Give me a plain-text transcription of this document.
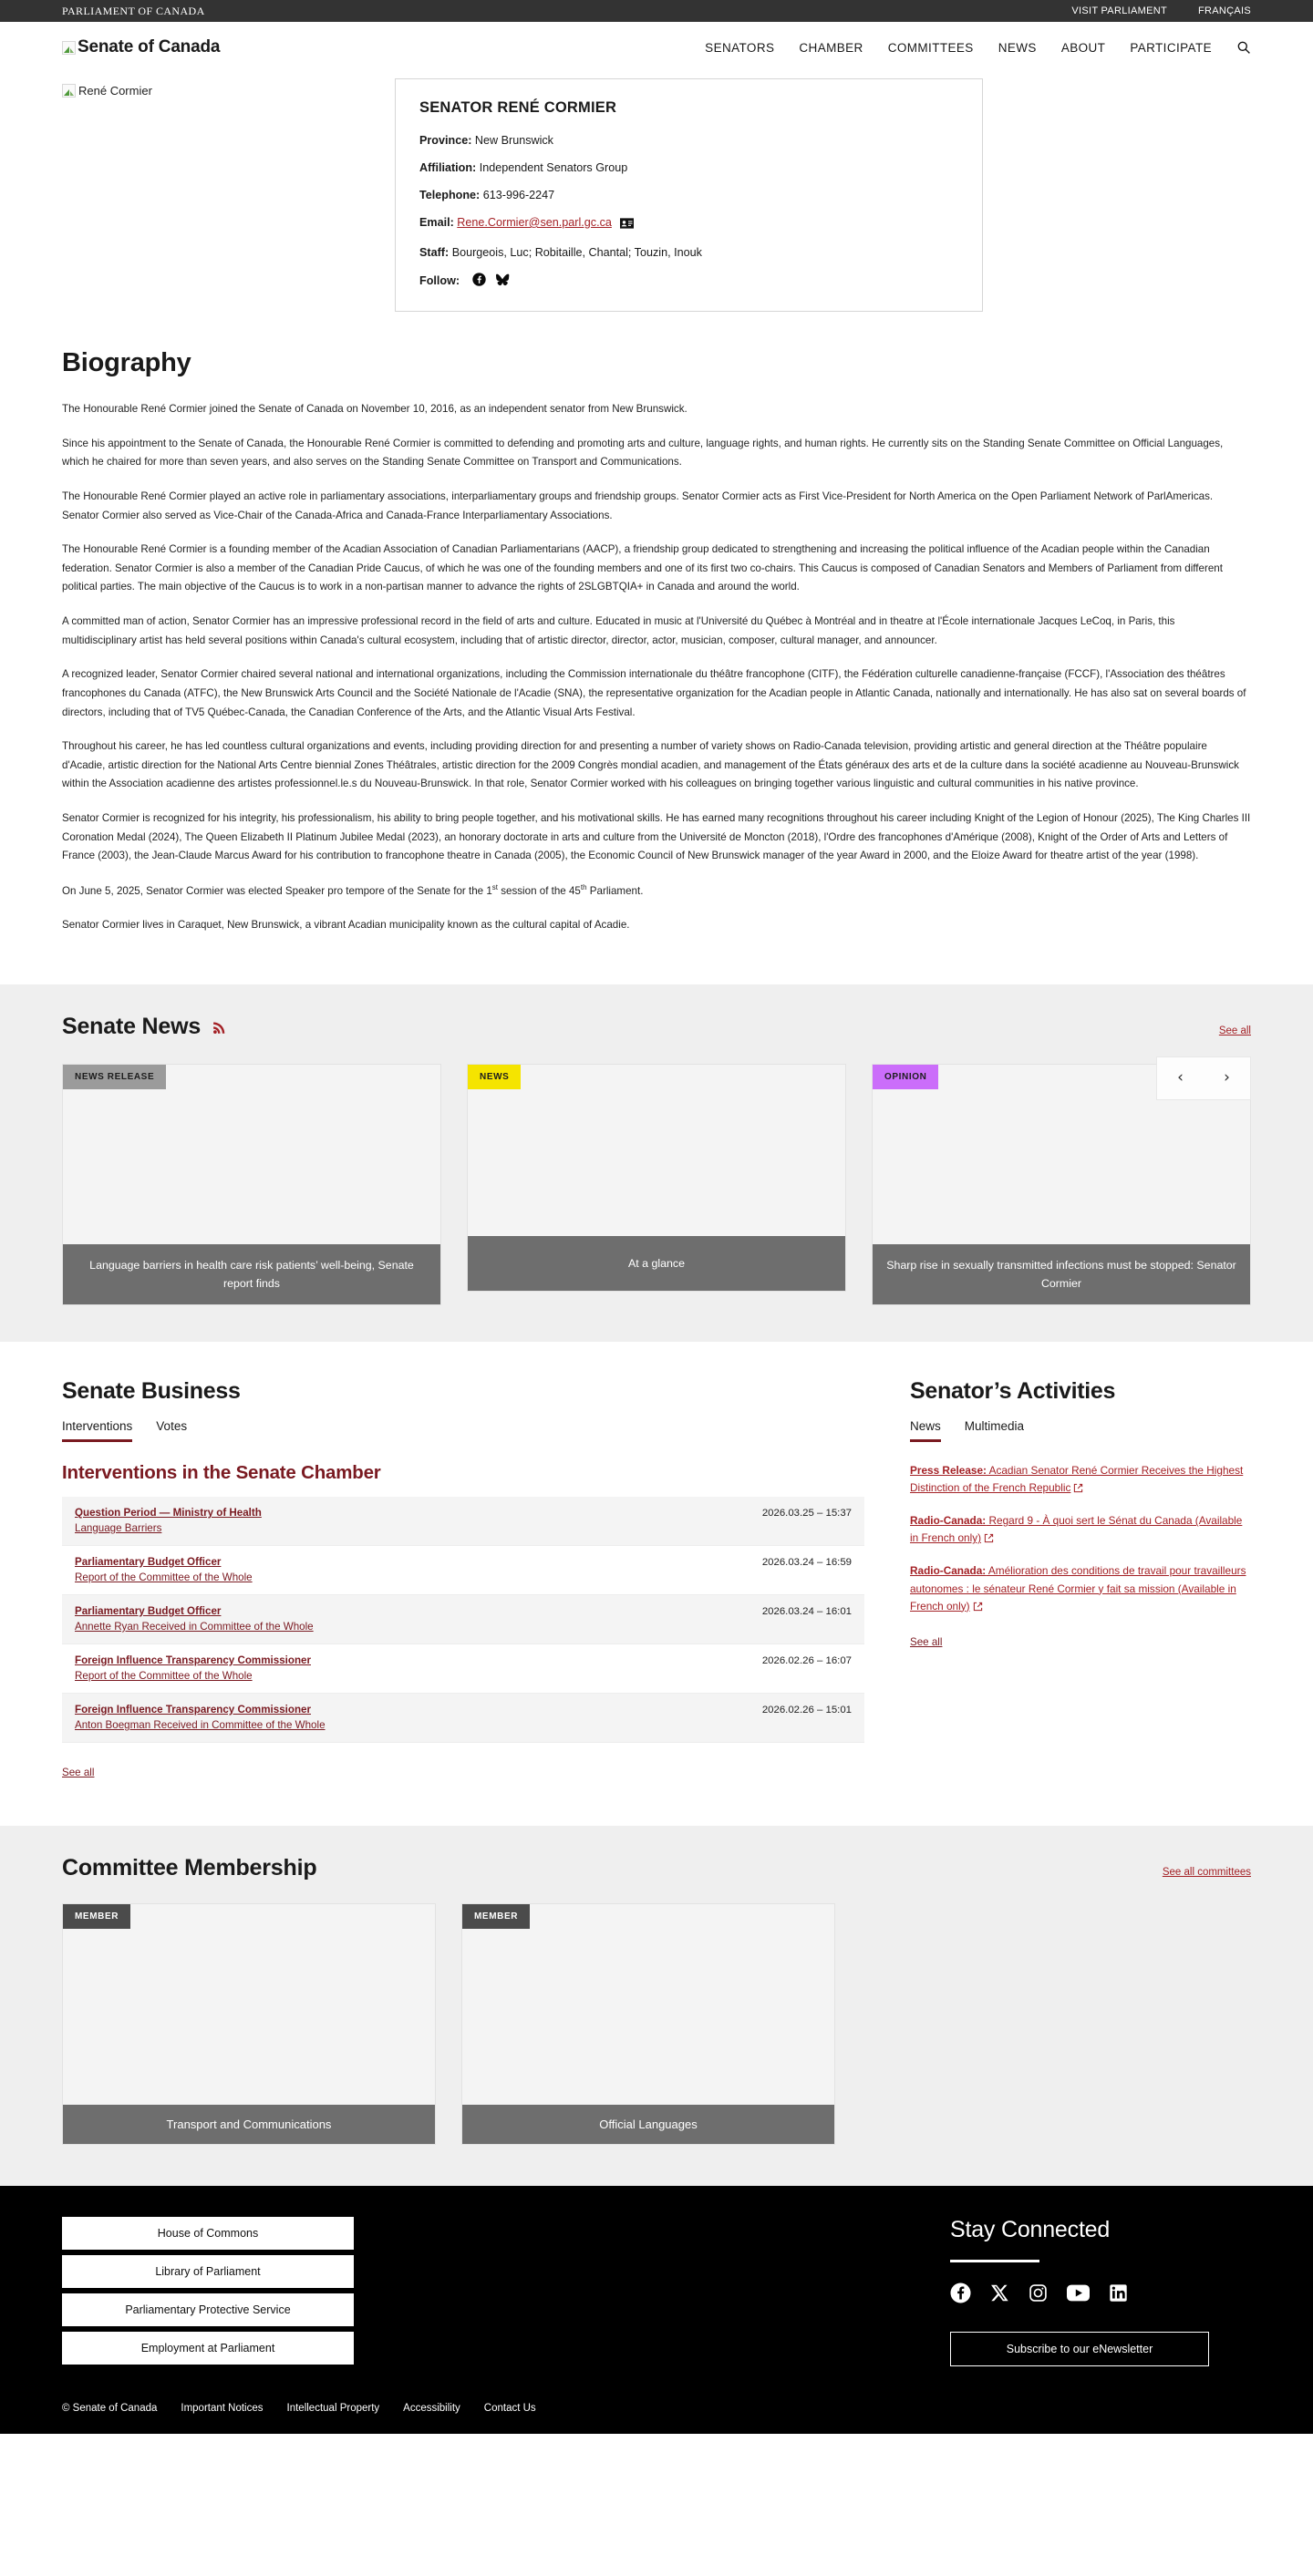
PARLIAMENT OF CANADA	VISIT PARLIAMENT	FRANÇAIS
Senate of Canada	SENATORS CHAMBER COMMITTEES NEWS ABOUT PARTICIPATE
René Cormier
SENATOR RENÉ CORMIER
Province: New Brunswick
Affiliation: Independent Senators Group
Telephone: 613-996-2247
Email: Rene.Cormier@sen.parl.gc.ca
Staff: Bourgeois, Luc; Robitaille, Chantal; Touzin, Inouk
Follow:
Biography

The Honourable René Cormier joined the Senate of Canada on November 10, 2016, as an independent senator from New Brunswick.

Since his appointment to the Senate of Canada, the Honourable René Cormier is committed to defending and promoting arts and culture, language rights, and human rights. He currently sits on the Standing Senate Committee on Official Languages, which he chaired for more than seven years, and also serves on the Standing Senate Committee on Transport and Communications.

The Honourable René Cormier played an active role in parliamentary associations, interparliamentary groups and friendship groups. Senator Cormier acts as First Vice-President for North America on the Open Parliament Network of ParlAmericas. Senator Cormier also served as Vice-Chair of the Canada-Africa and Canada-France Interparliamentary Associations.

The Honourable René Cormier is a founding member of the Acadian Association of Canadian Parliamentarians (AACP), a friendship group dedicated to strengthening and increasing the political influence of the Acadian people within the Canadian federation. Senator Cormier is also a member of the Canadian Pride Caucus, of which he was one of the founding members and one of its first two co-chairs. This Caucus is composed of Canadian Senators and Members of Parliament from different political parties. The main objective of the Caucus is to work in a non-partisan manner to advance the rights of 2SLGBTQIA+ in Canada and around the world.

A committed man of action, Senator Cormier has an impressive professional record in the field of arts and culture. Educated in music at l'Université du Québec à Montréal and in theatre at l'École internationale Jacques LeCoq, in Paris, this multidisciplinary artist has held several positions within Canada's cultural ecosystem, including that of artistic director, director, actor, musician, composer, cultural manager, and announcer.

A recognized leader, Senator Cormier chaired several national and international organizations, including the Commission internationale du théâtre francophone (CITF), the Fédération culturelle canadienne-française (FCCF), l'Association des théâtres francophones du Canada (ATFC), the New Brunswick Arts Council and the Société Nationale de l'Acadie (SNA), the representative organization for the Acadian people in Atlantic Canada, nationally and internationally. He has also sat on several boards of directors, including that of TV5 Québec-Canada, the Canadian Conference of the Arts, and the Atlantic Visual Arts Festival.

Throughout his career, he has led countless cultural organizations and events, including providing direction for and presenting a number of variety shows on Radio-Canada television, providing artistic and general direction at the Théâtre populaire d'Acadie, artistic direction for the National Arts Centre biennial Zones Théâtrales, artistic direction for the 2009 Congrès mondial acadien, and management of the États généraux des arts et de la culture dans la société acadienne au Nouveau-Brunswick within the Association acadienne des artistes professionnel.le.s du Nouveau-Brunswick. In that role, Senator Cormier worked with his colleagues on bringing together various linguistic and cultural communities in his native province.

Senator Cormier is recognized for his integrity, his professionalism, his ability to bring people together, and his motivational skills. He has earned many recognitions throughout his career including Knight of the Legion of Honour (2025), The King Charles III Coronation Medal (2024), The Queen Elizabeth II Platinum Jubilee Medal (2023), an honorary doctorate in arts and culture from the Université de Moncton (2018), l'Ordre des francophones d'Amérique (2008), Knight of the Order of Arts and Letters of France (2003), the Jean-Claude Marcus Award for his contribution to francophone theatre in Canada (2005), the Economic Council of New Brunswick manager of the year Award in 2000, and the Eloize Award for theatre artist of the year (1998).

On June 5, 2025, Senator Cormier was elected Speaker pro tempore of the Senate for the 1st session of the 45th Parliament.

Senator Cormier lives in Caraquet, New Brunswick, a vibrant Acadian municipality known as the cultural capital of Acadie.

Senate News	See all
NEWS RELEASE
Language barriers in health care risk patients’ well-being, Senate report finds
NEWS
At a glance
OPINION
Sharp rise in sexually transmitted infections must be stopped: Senator Cormier
‹	›
Senate Business
Interventions Votes
Interventions in the Senate Chamber
Question Period — Ministry of Health
Language Barriers
2026.03.25 – 15:37
Parliamentary Budget Officer
Report of the Committee of the Whole
2026.03.24 – 16:59
Parliamentary Budget Officer
Annette Ryan Received in Committee of the Whole
2026.03.24 – 16:01
Foreign Influence Transparency Commissioner
Report of the Committee of the Whole
2026.02.26 – 16:07
Foreign Influence Transparency Commissioner
Anton Boegman Received in Committee of the Whole
2026.02.26 – 15:01
See all
Senator’s Activities
News Multimedia
Press Release: Acadian Senator René Cormier Receives the Highest Distinction of the French Republic
Radio-Canada: Regard 9 - À quoi sert le Sénat du Canada (Available in French only)
Radio-Canada: Amélioration des conditions de travail pour travailleurs autonomes : le sénateur René Cormier y fait sa mission (Available in French only)
See all
Committee Membership	See all committees
MEMBER
Transport and Communications
MEMBER
Official Languages
House of Commons
Library of Parliament
Parliamentary Protective Service
Employment at Parliament
Stay Connected
Subscribe to our eNewsletter
© Senate of Canada Important Notices Intellectual Property Accessibility Contact Us
